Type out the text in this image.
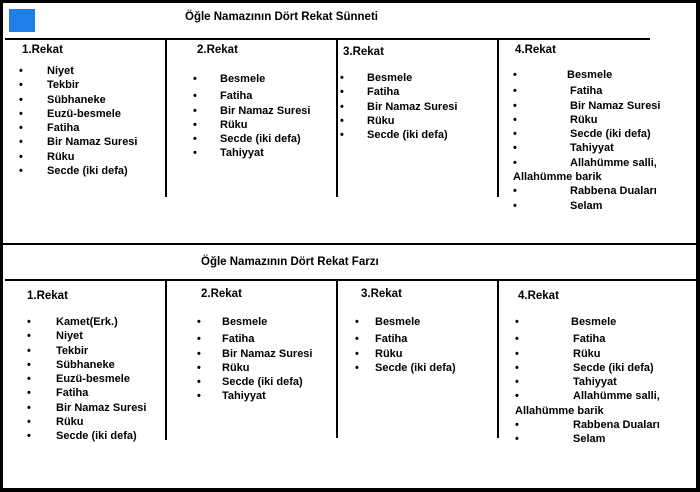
Öğle Namazının Dört Rekat Sünneti
1.Rekat
•
Niyet
•
Tekbir
•
Sübhaneke
•
Euzü-besmele
•
Fatiha
•
Bir Namaz Suresi
•
Rüku
•
Secde (iki defa)
2.Rekat
•
Besmele
•
Fatiha
•
Bir Namaz Suresi
•
Rüku
•
Secde (iki defa)
•
Tahiyyat
3.Rekat
•
Besmele
•
Fatiha
•
Bir Namaz Suresi
•
Rüku
•
Secde (iki defa)
4.Rekat
•
Besmele
•
Fatiha
•
Bir Namaz Suresi
•
Rüku
•
Secde (iki defa)
•
Tahiyyat
•
Allahümme salli,
Allahümme barik
•
Rabbena Duaları
•
Selam
Öğle Namazının Dört Rekat Farzı
1.Rekat
•
Kamet(Erk.)
•
Niyet
•
Tekbir
•
Sübhaneke
•
Euzü-besmele
•
Fatiha
•
Bir Namaz Suresi
•
Rüku
•
Secde (iki defa)
2.Rekat
•
Besmele
•
Fatiha
•
Bir Namaz Suresi
•
Rüku
•
Secde (iki defa)
•
Tahiyyat
3.Rekat
•
Besmele
•
Fatiha
•
Rüku
•
Secde (iki defa)
4.Rekat
•
Besmele
•
Fatiha
•
Rüku
•
Secde (iki defa)
•
Tahiyyat
•
Allahümme salli,
Allahümme barik
•
Rabbena Duaları
•
Selam
